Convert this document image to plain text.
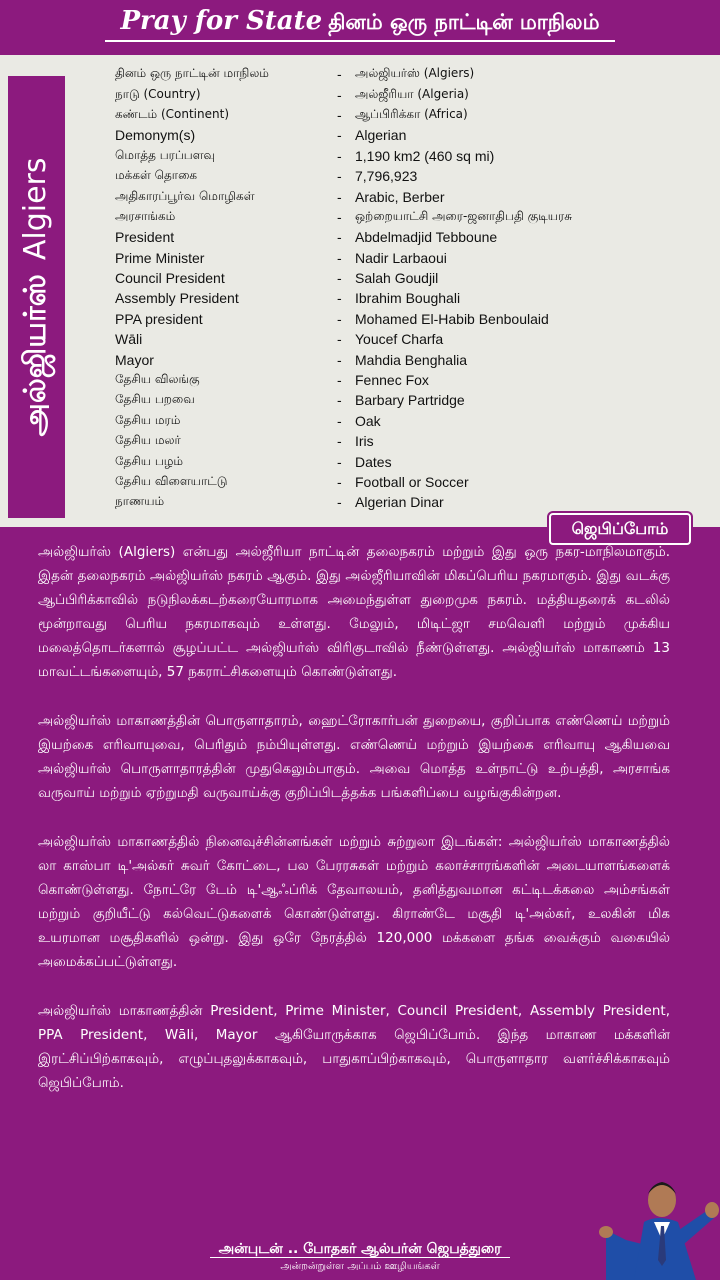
Pray for State தினம் ஒரு நாட்டின் மாநிலம்
அல்ஜியர்ஸ்Algiers
தினம் ஒரு நாட்டின் மாநிலம்	-	அல்ஜியர்ஸ் (Algiers)
நாடு (Country)	-	அல்ஜீரியா (Algeria)
கண்டம் (Continent)	-	ஆப்பிரிக்கா (Africa)
Demonym(s)	- Algerian
மொத்த பரப்பளவு	- 1,190 km2 (460 sq mi)
மக்கள் தொகை	- 7,796,923
அதிகாரப்பூர்வ மொழிகள்	- Arabic, Berber
அரசாங்கம்	-	ஒற்றையாட்சி அரை-ஜனாதிபதி குடியரசு
President	- Abdelmadjid Tebboune
Prime Minister	- Nadir Larbaoui
Council President	- Salah Goudjil
Assembly President	- Ibrahim Boughali
PPA president	- Mohamed El-Habib Benboulaid
Wāli	- Youcef Charfa
Mayor	- Mahdia Benghalia
தேசிய விலங்கு	- Fennec Fox
தேசிய பறவை	- Barbary Partridge
தேசிய மரம்	- Oak
தேசிய மலர்	- Iris
தேசிய பழம்	- Dates
தேசிய விளையாட்டு	- Football or Soccer
நாணயம்	- Algerian Dinar
ஜெபிப்போம்

அல்ஜியர்ஸ் (Algiers) என்பது அல்ஜீரியா நாட்டின் தலைநகரம் மற்றும் இது ஒரு நகர-மாநிலமாகும். இதன் தலைநகரம் அல்ஜியர்ஸ் நகரம் ஆகும். இது அல்ஜீரியாவின் மிகப்பெரிய நகரமாகும். இது வடக்கு ஆப்பிரிக்காவில் நடுநிலக்கடற்கரையோரமாக அமைந்துள்ள துறைமுக நகரம். மத்தியதரைக் கடலில் மூன்றாவது பெரிய நகரமாகவும் உள்ளது. மேலும், மிடிட்ஜா சமவெளி மற்றும் முக்கிய மலைத்தொடர்களால் சூழப்பட்ட அல்ஜியர்ஸ் விரிகுடாவில் நீண்டுள்ளது. அல்ஜியர்ஸ் மாகாணம் 13 மாவட்டங்களையும், 57 நகராட்சிகளையும் கொண்டுள்ளது.

அல்ஜியர்ஸ் மாகாணத்தின் பொருளாதாரம், ஹைட்ரோகார்பன் துறையை, குறிப்பாக எண்ணெய் மற்றும் இயற்கை எரிவாயுவை, பெரிதும் நம்பியுள்ளது. எண்ணெய் மற்றும் இயற்கை எரிவாயு ஆகியவை அல்ஜியர்ஸ் பொருளாதாரத்தின் முதுகெலும்பாகும். அவை மொத்த உள்நாட்டு உற்பத்தி, அரசாங்க வருவாய் மற்றும் ஏற்றுமதி வருவாய்க்கு குறிப்பிடத்தக்க பங்களிப்பை வழங்குகின்றன.

அல்ஜியர்ஸ் மாகாணத்தில் நினைவுச்சின்னங்கள் மற்றும் சுற்றுலா இடங்கள்: அல்ஜியர்ஸ் மாகாணத்தில் லா காஸ்பா டி'அல்கர் சுவர் கோட்டை, பல பேரரசுகள் மற்றும் கலாச்சாரங்களின் அடையாளங்களைக் கொண்டுள்ளது. நோட்ரே டேம் டி'ஆஃப்ரிக் தேவாலயம், தனித்துவமான கட்டிடக்கலை அம்சங்கள் மற்றும் குறியீட்டு கல்வெட்டுகளைக் கொண்டுள்ளது. கிராண்டே மசூதி டி'அல்கர், உலகின் மிக உயரமான மசூதிகளில் ஒன்று. இது ஒரே நேரத்தில் 120,000 மக்களை தங்க வைக்கும் வகையில் அமைக்கப்பட்டுள்ளது.

அல்ஜியர்ஸ் மாகாணத்தின் President, Prime Minister, Council President, Assembly President, PPA President, Wāli, Mayor ஆகியோருக்காக ஜெபிப்போம். இந்த மாகாண மக்களின் இரட்சிப்பிற்காகவும், எழுப்புதலுக்காகவும், பாதுகாப்பிற்காகவும், பொருளாதார வளர்ச்சிக்காகவும் ஜெபிப்போம்.

அன்புடன் .. போதகர் ஆல்பர்ன் ஜெபத்துரை
அன்றன்றுள்ள அப்பம் ஊழியங்கள்
